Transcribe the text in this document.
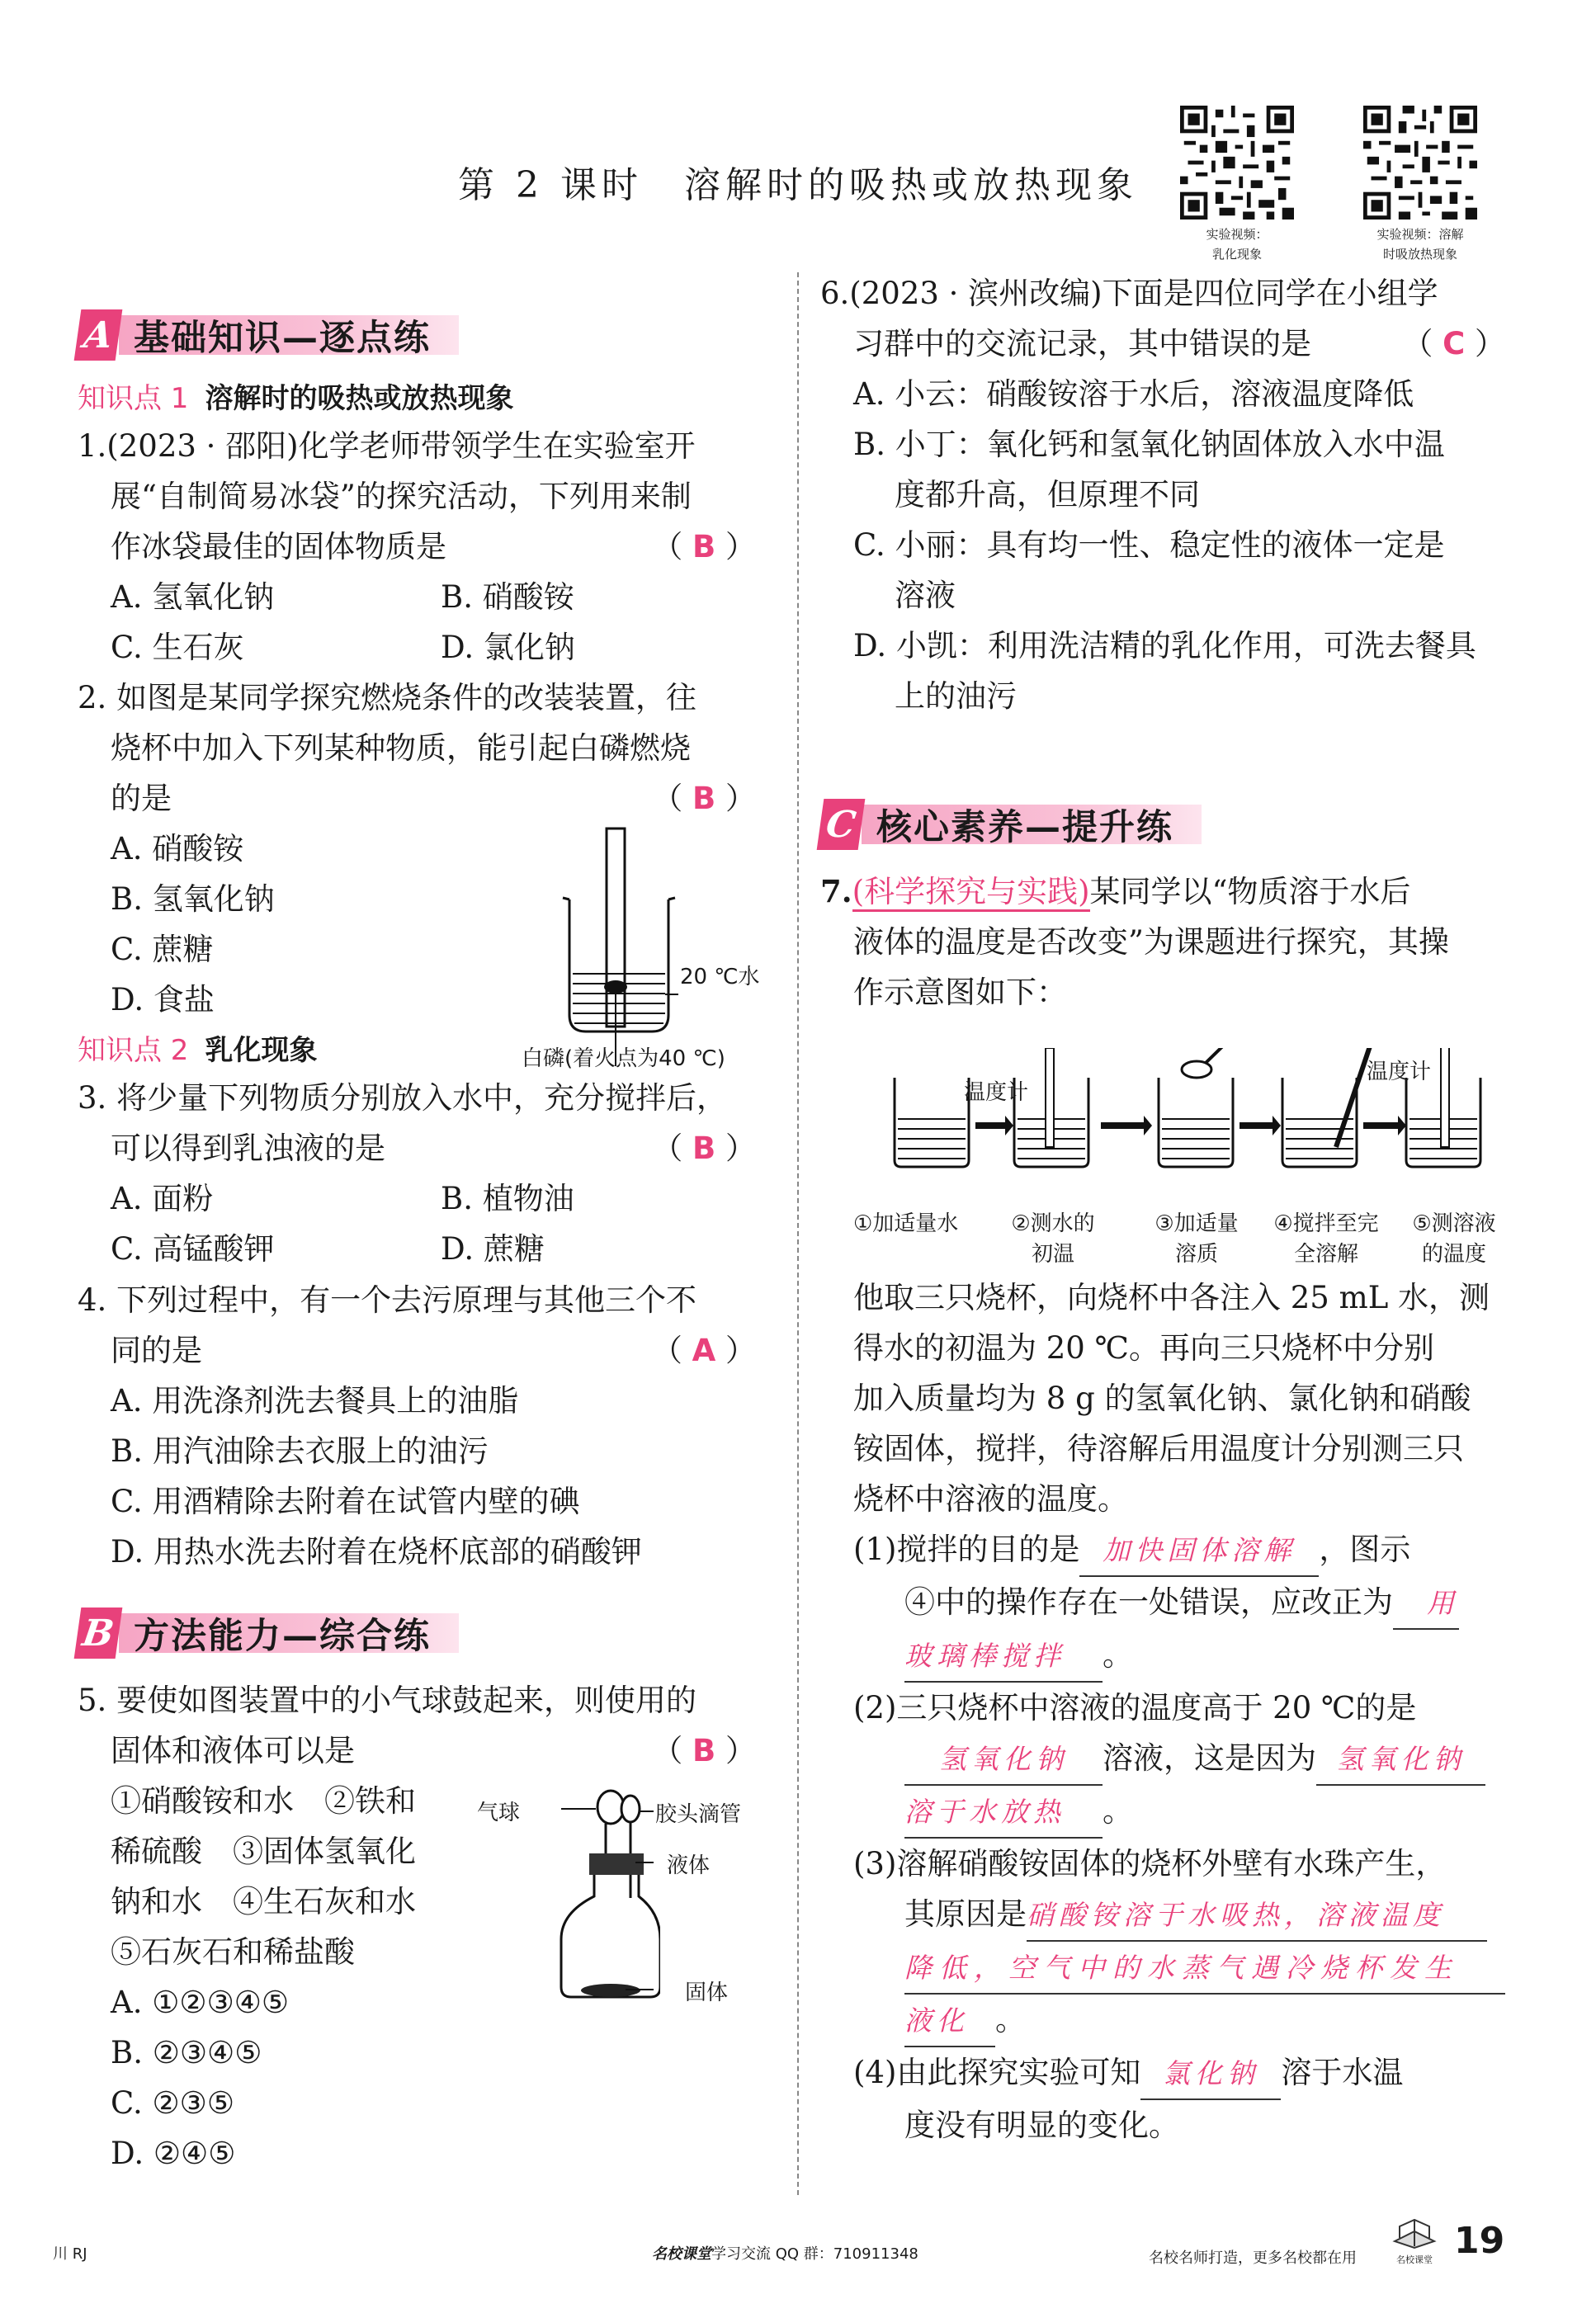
第 2 课时　溶解时的吸热或放热现象
实验视频：
乳化现象
实验视频：溶解
时吸放热现象
A 基础知识—逐点练
知识点 1 溶解时的吸热或放热现象
1.(2023 · 邵阳)化学老师带领学生在实验室开
展“自制简易冰袋”的探究活动，下列用来制
作冰袋最佳的固体物质是	（ B ）
A. 氢氧化钠	B. 硝酸铵
C. 生石灰	D. 氯化钠
2. 如图是某同学探究燃烧条件的改装装置，往
烧杯中加入下列某种物质，能引起白磷燃烧
的是	（ B ）
A. 硝酸铵
B. 氢氧化钠
C. 蔗糖
D. 食盐
20 ℃水
白磷(着火点为40 ℃)
知识点 2 乳化现象
3. 将少量下列物质分别放入水中，充分搅拌后，
可以得到乳浊液的是	（ B ）
A. 面粉	B. 植物油
C. 高锰酸钾	D. 蔗糖
4. 下列过程中，有一个去污原理与其他三个不
同的是	（ A ）
A. 用洗涤剂洗去餐具上的油脂
B. 用汽油除去衣服上的油污
C. 用酒精除去附着在试管内壁的碘
D. 用热水洗去附着在烧杯底部的硝酸钾
B 方法能力—综合练
5. 要使如图装置中的小气球鼓起来，则使用的
固体和液体可以是	（ B ）
①硝酸铵和水　②铁和
稀硫酸　③固体氢氧化
钠和水　④生石灰和水
⑤石灰石和稀盐酸
A. ①②③④⑤
B. ②③④⑤
C. ②③⑤
D. ②④⑤
气球	胶头滴管
液体
固体
6.(2023 · 滨州改编)下面是四位同学在小组学
习群中的交流记录，其中错误的是	（ C ）
A. 小云：硝酸铵溶于水后，溶液温度降低
B. 小丁：氧化钙和氢氧化钠固体放入水中温
度都升高，但原理不同
C. 小丽：具有均一性、稳定性的液体一定是
溶液
D. 小凯：利用洗洁精的乳化作用，可洗去餐具
上的油污
C 核心素养—提升练
7.(科学探究与实践)某同学以“物质溶于水后
液体的温度是否改变”为课题进行探究，其操
作示意图如下：
温度计
温度计
①加适量水	②测水的
初温
③加适量
溶质
④搅拌至完
全溶解
⑤测溶液
的温度
他取三只烧杯，向烧杯中各注入 25 mL 水，测
得水的初温为 20 ℃。再向三只烧杯中分别
加入质量均为 8 g 的氢氧化钠、氯化钠和硝酸
铵固体，搅拌，待溶解后用温度计分别测三只
烧杯中溶液的温度。
(1)搅拌的目的是 加快固体溶解 ，图示
④中的操作存在一处错误，应改正为 用
玻璃棒搅拌 。
(2)三只烧杯中溶液的温度高于 20 ℃的是
氢氧化钠 溶液，这是因为 氢氧化钠
溶于水放热 。
(3)溶解硝酸铵固体的烧杯外壁有水珠产生，
其原因是硝酸铵溶于水吸热，溶液温度
降低，空气中的水蒸气遇冷烧杯发生
液化 。
(4)由此探究实验可知 氯化钠 溶于水温
度没有明显的变化。
川 RJ	名校课堂学习交流 QQ 群：710911348	名校名师打造，更多名校都在用	名校课堂 19
